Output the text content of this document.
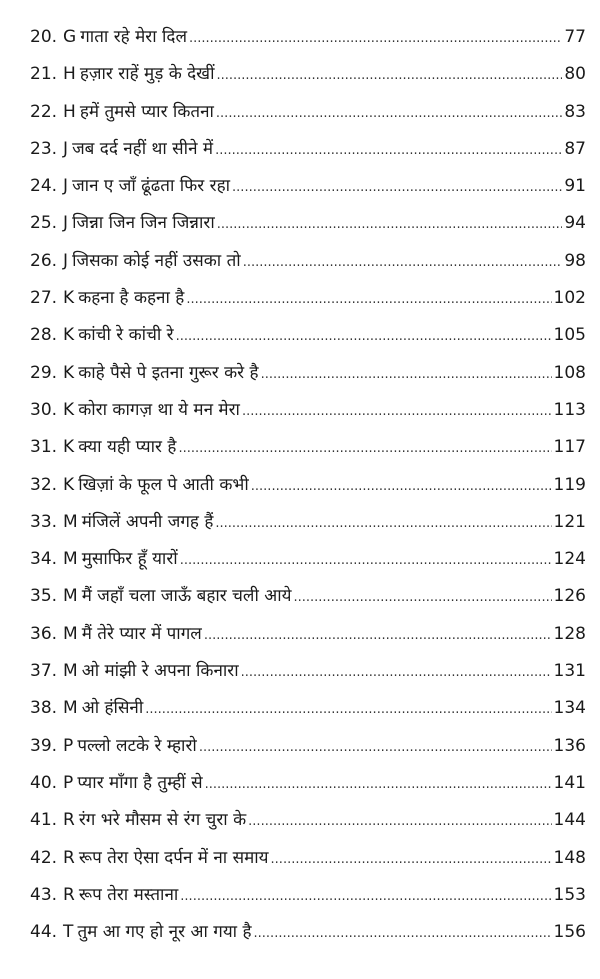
20. G गाता रहे मेरा दिल .....	77
21. H हज़ार राहें मुड़ के देखीं .....	80
22. H हमें तुमसे प्यार कितना .....	83
23. J जब दर्द नहीं था सीने में .....	87
24. J जान ए जाँ ढूंढता फिर रहा .....	91
25. J जिन्ना जिन जिन जिन्नारा .....	94
26. J जिसका कोई नहीं उसका तो .....	98
27. K कहना है कहना है .....	102
28. K कांची रे कांची रे .....	105
29. K काहे पैसे पे इतना गुरूर करे है .....	108
30. K कोरा कागज़ था ये मन मेरा .....	113
31. K क्या यही प्यार है .....	117
32. K खिज़ां के फूल पे आती कभी .....	119
33. M मंजिलें अपनी जगह हैं .....	121
34. M मुसाफिर हूँ यारों .....	124
35. M मैं जहाँ चला जाऊँ बहार चली आये .....	126
36. M मैं तेरे प्यार में पागल .....	128
37. M ओ मांझी रे अपना किनारा .....	131
38. M ओ हंसिनी .....	134
39. P पल्लो लटके रे म्हारो .....	136
40. P प्यार माँगा है तुम्हीं से .....	141
41. R रंग भरे मौसम से रंग चुरा के .....	144
42. R रूप तेरा ऐसा दर्पन में ना समाय .....	148
43. R रूप तेरा मस्ताना .....	153
44. T तुम आ गए हो नूर आ गया है .....	156
